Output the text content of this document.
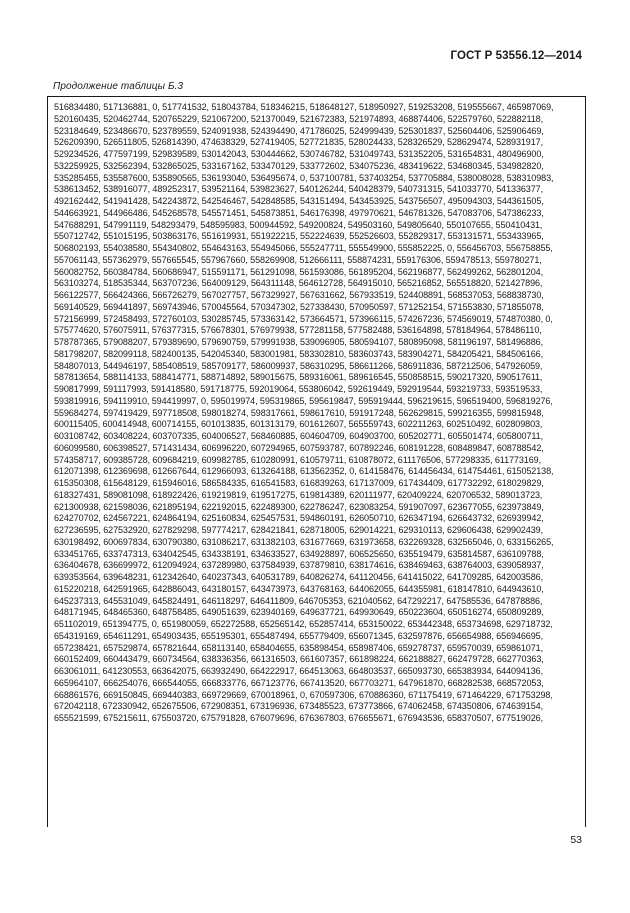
ГОСТ Р 53556.12—2014
Продолжение таблицы Б.3

516834480, 517136881, 0, 517741532, 518043784, 518346215, 518648127, 518950927, 519253208, 519555667, 465987069, 520160435, 520462744, 520765229, 521067200, 521370049, 521672383, 521974893, 468874406, 522579760, 522882118, 523184649, 523486670, 523789559, 524091938, 524394490, 471786025, 524999439, 525301837, 525604406, 525906469, 526209390, 526511805, 526814390, 474638329, 527419405, 527721835, 528024433, 528326529, 528629474, 528931917, 529234526, 477597199, 529839589, 530142043, 530444662, 530746782, 531049743, 531352205, 531654831, 480496900, 532259925, 532562394, 532865025, 533167162, 533470129, 533772602, 534075236, 483419622, 534680345, 534982820, 535285455, 535587600, 535890565, 536193040, 536495674, 0, 537100781, 537403254, 537705884, 538008028, 538310983, 538613452, 538916077, 489252317, 539521164, 539823627, 540126244, 540428379, 540731315, 541033770, 541336377, 492162442, 541941428, 542243872, 542546467, 542848585, 543151494, 543453925, 543756507, 495094303, 544361505, 544663921, 544966486, 545268578, 545571451, 545873851, 546176398, 497970621, 546781326, 547083706, 547386233, 547688291, 547991119, 548293479, 548595983, 500944592, 549200824, 549503160, 549805640, 550107655, 550410431, 550712742, 551015195, 503863176, 551619931, 551922215, 552224639, 552526603, 552829317, 553131571, 553433965, 506802193, 554038580, 554340802, 554643163, 554945066, 555247711, 555549900, 555852225, 0, 556456703, 556758855, 557061143, 557362979, 557665545, 557967660, 558269908, 512666111, 558874231, 559176306, 559478513, 559780271, 560082752, 560384784, 560686947, 515591171, 561291098, 561593086, 561895204, 562196877, 562499262, 562801204, 563103274, 518535344, 563707236, 564009129, 564311148, 564612728, 564915010, 565216852, 565518820, 521427896, 566122577, 566424366, 566726279, 567027757, 567329927, 567631662, 567933519, 524408891, 568537053, 568838730, 569140529, 569441897, 569743946, 570045564, 570347302, 527338430, 570950597, 571252154, 571553830, 571855078, 572156999, 572458493, 572760103, 530285745, 573363142, 573664571, 573966115, 574267236, 574569019, 574870380, 0, 575774620, 576075911, 576377315, 576678301, 576979938, 577281158, 577582488, 536164898, 578184964, 578486110, 578787365, 579088207, 579389690, 579690759, 579991938, 539096905, 580594107, 580895098, 581196197, 581496886, 581798207, 582099118, 582400135, 542045340, 583001981, 583302810, 583603743, 583904271, 584205421, 584506166, 584807013, 544946197, 585408519, 585709177, 586009937, 586310295, 586611266, 586911836, 587212506, 547926059, 587813654, 588114133, 588414771, 588714892, 589015675, 589316061, 589616545, 550858515, 590217320, 590517611, 590817999, 591117993, 591418580, 591718775, 592019064, 553806042, 592619449, 592919544, 593219733, 593519533, 593819916, 594119910, 594419997, 0, 595019974, 595319865, 595619847, 595919444, 596219615, 596519400, 596819276, 559684274, 597419429, 597718508, 598018274, 598317661, 598617610, 591917248, 562629815, 599216355, 599815948, 600115405, 600414948, 600714155, 601013835, 601313179, 601612607, 565559743, 602211263, 602510492, 602809803, 603108742, 603408224, 603707335, 604006527, 568460885, 604604709, 604903700, 605202771, 605501474, 605800711, 606099580, 606398527, 571431434, 606996220, 607294965, 607593787, 607892246, 608191228, 608489847, 608788542, 574358717, 609385728, 609684219, 609982785, 610280991, 610579711, 610878072, 611176506, 577298335, 611773169, 612071398, 612369698, 612667644, 612966093, 613264188, 613562352, 0, 614158476, 614456434, 614754461, 615052138, 615350308, 615648129, 615946016, 586584335, 616541583, 616839263, 617137009, 617434409, 617732292, 618029829, 618327431, 589081098, 618922426, 619219819, 619517275, 619814389, 620111977, 620409224, 620706532, 589013723, 621300938, 621598036, 621895194, 622192015, 622489300, 622786247, 623083254, 591907097, 623677055, 623973849, 624270702, 624567221, 624864194, 625160834, 625457531, 594860191, 626050710, 626347194, 626643732, 626939942, 627236595, 627532920, 627829298, 597774217, 628421841, 628718005, 629014221, 629310113, 629606438, 629902439, 630198492, 600697834, 630790380, 631086217, 631382103, 631677669, 631973658, 632269328, 632565046, 0, 633156265, 633451765, 633747313, 634042545, 634338191, 634633527, 634928897, 606525650, 635519479, 635814587, 636109788, 636404678, 636699972, 612094924, 637289980, 637584939, 637879810, 638174616, 638469463, 638764003, 639058937, 639353564, 639648231, 612342640, 640237343, 640531789, 640826274, 641120456, 641415022, 641709285, 642003586, 615220218, 642591965, 642886043, 643180157, 643473973, 643768163, 644062055, 644355981, 618147810, 644943610, 645237313, 645531049, 645824491, 646118297, 646411809, 646705353, 621040562, 647292217, 647585536, 647878886, 648171945, 648465360, 648758485, 649051639, 623940169, 649637721, 649930649, 650223604, 650516274, 650809289, 651102019, 651394775, 0, 651980059, 652272588, 652565142, 652857414, 653150022, 653442348, 653734698, 629718732, 654319169, 654611291, 654903435, 655195301, 655487494, 655779409, 656071345, 632597876, 656654988, 656946695, 657238421, 657529874, 657821644, 658113140, 658404655, 635898454, 658987406, 659278737, 659570039, 659861071, 660152409, 660443479, 660734564, 638336356, 661316503, 661607357, 661898224, 662188827, 662479728, 662770363, 663061011, 641230553, 663642075, 663932490, 664222917, 664513063, 664803537, 665093730, 665383934, 644094136, 665964107, 666254076, 666544055, 666833776, 667123776, 667413520, 667703271, 647961870, 668282538, 668572053, 668861576, 669150845, 669440383, 669729669, 670018961, 0, 670597306, 670886360, 671175419, 671464229, 671753298, 672042118, 672330942, 652675506, 672908351, 673196936, 673485523, 673773866, 674062458, 674350806, 674639154, 655521599, 675215611, 675503720, 675791828, 676079696, 676367803, 676655671, 676943536, 658370507, 677519026,

53
